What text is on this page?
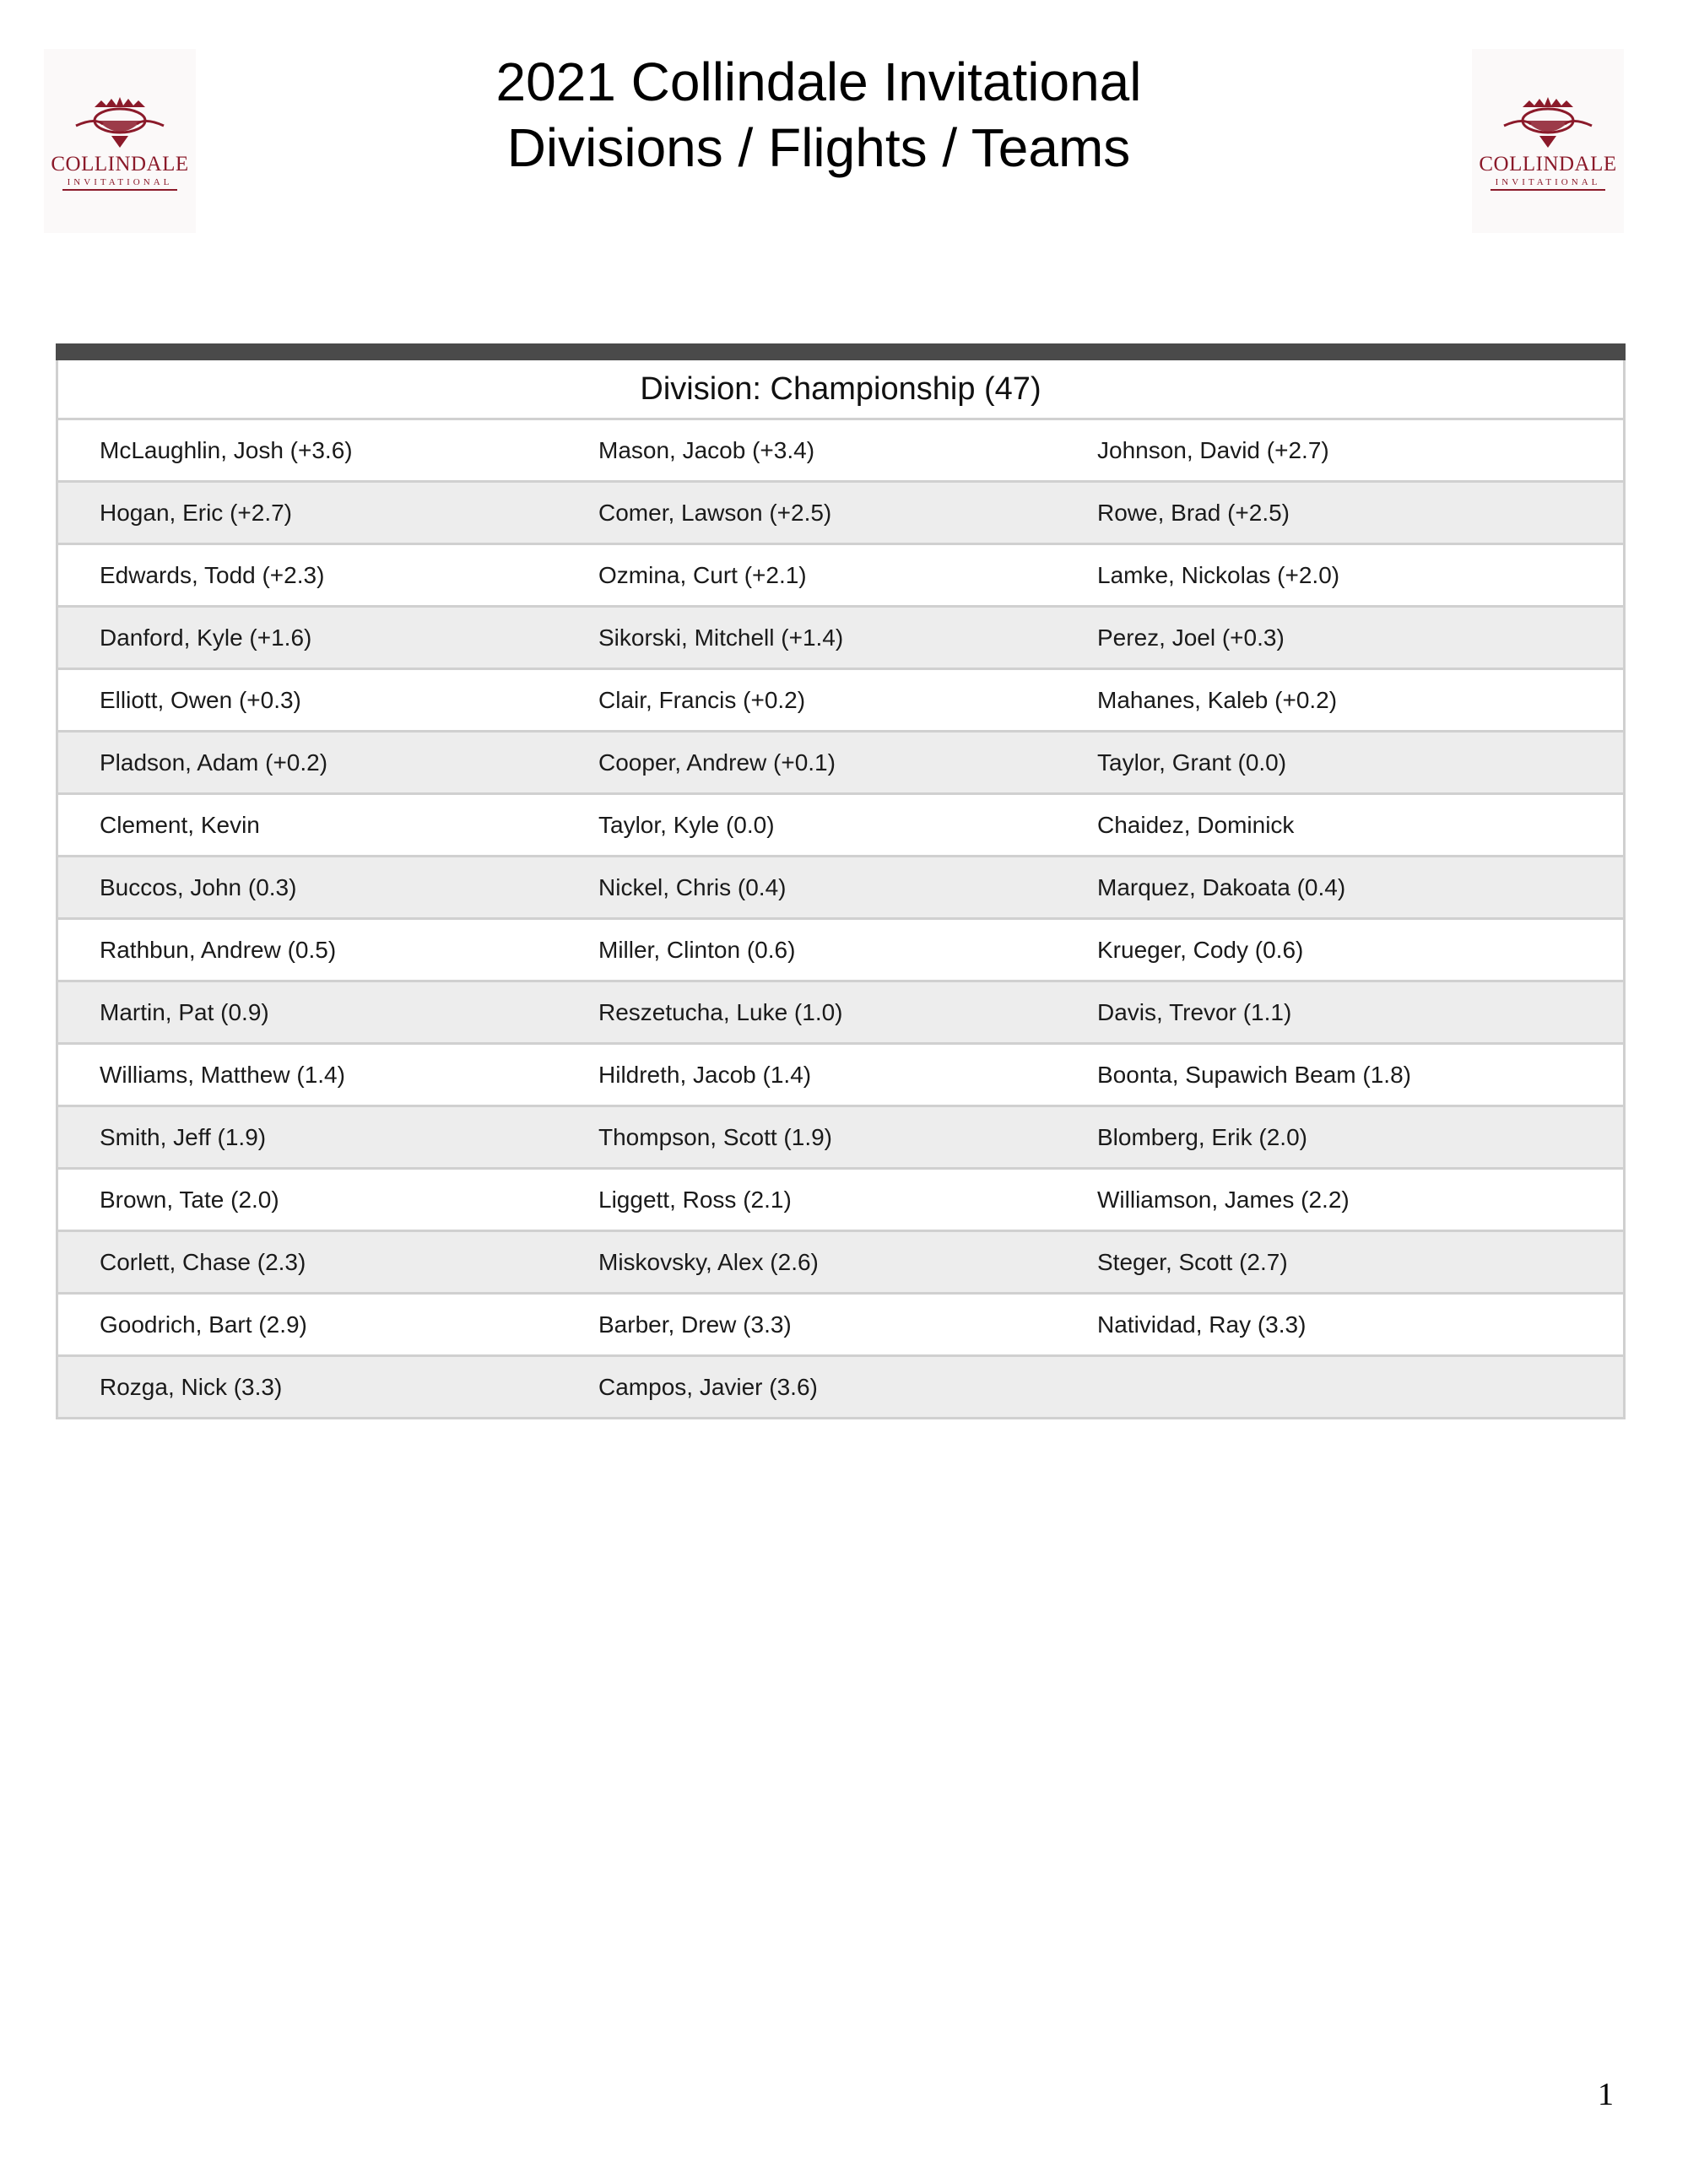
COLLINDALE
INVITATIONAL
2021 Collindale Invitational
Divisions / Flights / Teams	COLLINDALE
INVITATIONAL
Division: Championship (47)
McLaughlin, Josh (+3.6)	Mason, Jacob (+3.4)	Johnson, David (+2.7)
Hogan, Eric (+2.7)	Comer, Lawson (+2.5)	Rowe, Brad (+2.5)
Edwards, Todd (+2.3)	Ozmina, Curt (+2.1)	Lamke, Nickolas (+2.0)
Danford, Kyle (+1.6)	Sikorski, Mitchell (+1.4)	Perez, Joel (+0.3)
Elliott, Owen (+0.3)	Clair, Francis (+0.2)	Mahanes, Kaleb (+0.2)
Pladson, Adam (+0.2)	Cooper, Andrew (+0.1)	Taylor, Grant (0.0)
Clement, Kevin	Taylor, Kyle (0.0)	Chaidez, Dominick
Buccos, John (0.3)	Nickel, Chris (0.4)	Marquez, Dakoata (0.4)
Rathbun, Andrew (0.5)	Miller, Clinton (0.6)	Krueger, Cody (0.6)
Martin, Pat (0.9)	Reszetucha, Luke (1.0)	Davis, Trevor (1.1)
Williams, Matthew (1.4)	Hildreth, Jacob (1.4)	Boonta, Supawich Beam (1.8)
Smith, Jeff (1.9)	Thompson, Scott (1.9)	Blomberg, Erik (2.0)
Brown, Tate (2.0)	Liggett, Ross (2.1)	Williamson, James (2.2)
Corlett, Chase (2.3)	Miskovsky, Alex (2.6)	Steger, Scott (2.7)
Goodrich, Bart (2.9)	Barber, Drew (3.3)	Natividad, Ray (3.3)
Rozga, Nick (3.3)	Campos, Javier (3.6)
1
